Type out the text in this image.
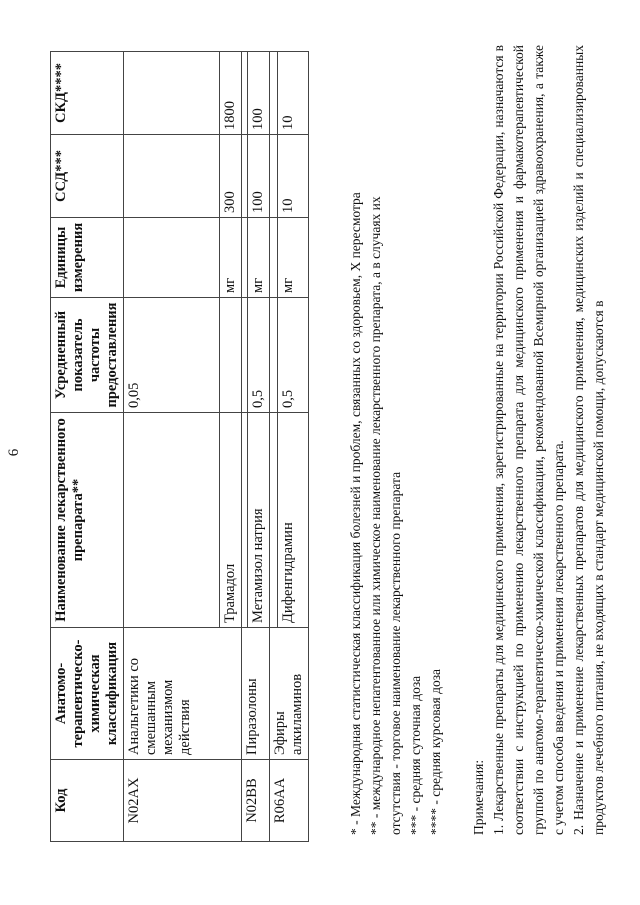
6
Код	Анатомо-терапевтическо-химическая классификация	Наименование лекарственного препарата**	Усредненный показатель частоты предоставления	Единицы измерения	ССД***	СКД****
N02AX	Анальгетики со смешанным механизмом действия		0,05			
		Трамадол		мг	300	1800
N02BB	Пиразолоны					
		Метамизол натрия	0,5	мг	100	100
R06AA	Эфиры алкиламинов					
		Дифенгидрамин	0,5	мг	10	10
* - Международная статистическая классификация болезней и проблем, связанных со здоровьем, X пересмотра ** - международное непатентованное или химическое наименование лекарственного препарата, а в случаях их отсутствия - торговое наименование лекарственного препарата *** - средняя суточная доза **** - средняя курсовая доза Примечания: 1. Лекарственные препараты для медицинского применения, зарегистрированные на территории Российской Федерации, назначаются в соответствии с инструкцией по применению лекарственного препарата для медицинского применения и фармакотерапевтической группой по анатомо-терапевтическо-химической классификации, рекомендованной Всемирной организацией здравоохранения, а также с учетом способа введения и применения лекарственного препарата. 2. Назначение и применение лекарственных препаратов для медицинского применения, медицинских изделий и специализированных продуктов лечебного питания, не входящих в стандарт медицинской помощи, допускаются в
